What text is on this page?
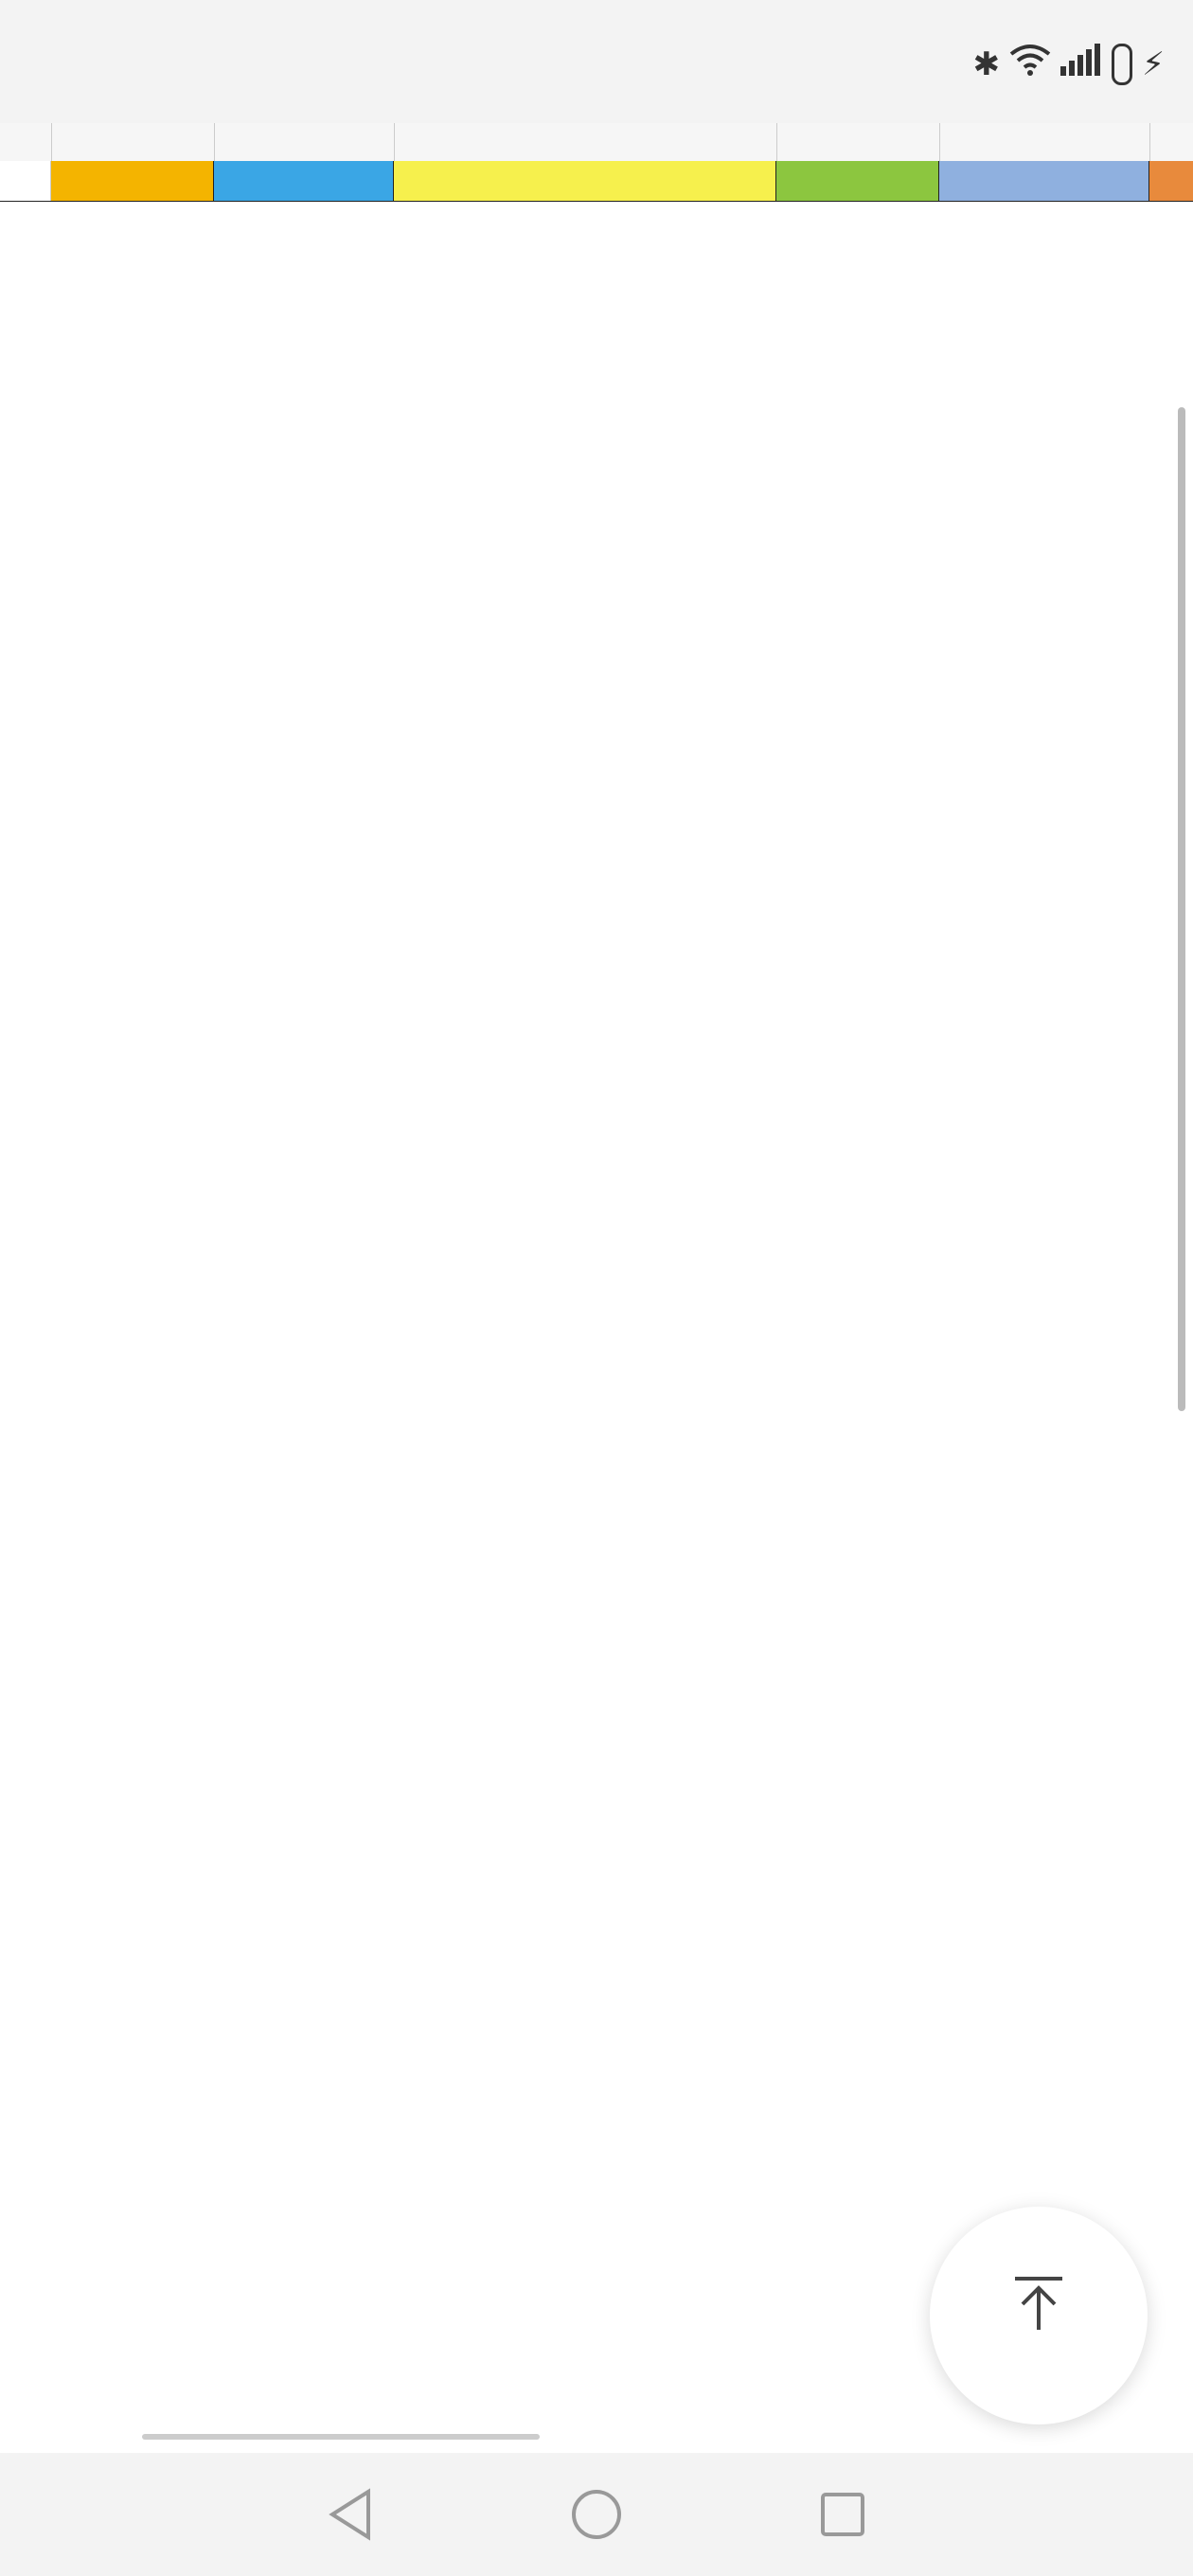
✱	⚡
